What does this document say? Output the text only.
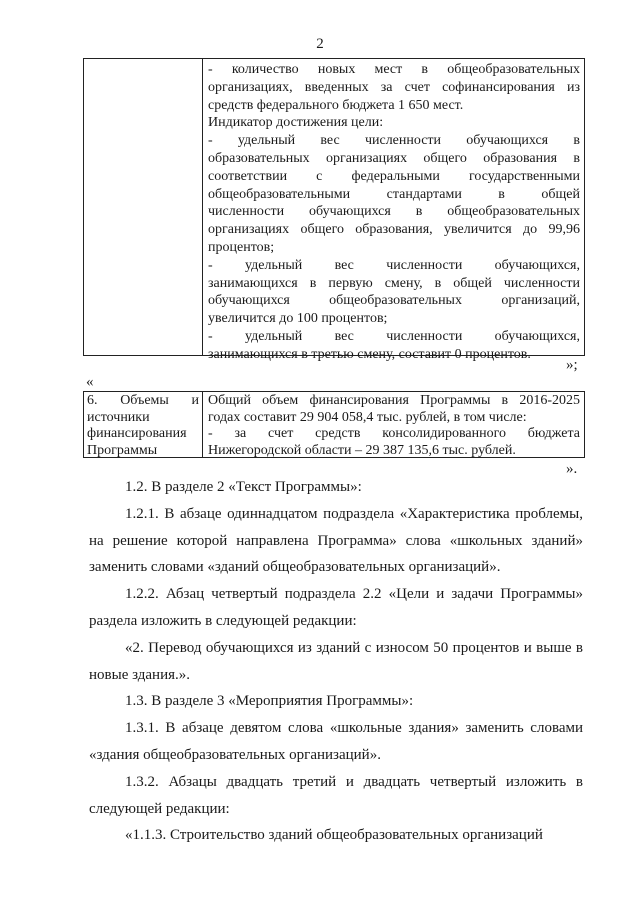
2
- количество новых мест в общеобразовательных
организациях, введенных за счет софинансирования из
средств федерального бюджета 1 650 мест.
Индикатор достижения цели:
- удельный вес численности обучающихся в
образовательных организациях общего образования в
соответствии с федеральными государственными
общеобразовательными стандартами в общей
численности обучающихся в общеобразовательных
организациях общего образования, увеличится до 99,96
процентов;
- удельный вес численности обучающихся,
занимающихся в первую смену, в общей численности
обучающихся общеобразовательных организаций,
увеличится до 100 процентов;
- удельный вес численности обучающихся,
занимающихся в третью смену, составит 0 процентов.
»;
«
6. Объемы и
источники
финансирования
Программы
Общий объем финансирования Программы в 2016-2025
годах составит 29 904 058,4 тыс. рублей, в том числе:
- за счет средств консолидированного бюджета
Нижегородской области – 29 387 135,6 тыс. рублей.
».

1.2. В разделе 2 «Текст Программы»:

1.2.1. В абзаце одиннадцатом подраздела «Характеристика проблемы, на решение которой направлена Программа» слова «школьных зданий» заменить словами «зданий общеобразовательных организаций».

1.2.2. Абзац четвертый подраздела 2.2 «Цели и задачи Программы» раздела изложить в следующей редакции:

«2. Перевод обучающихся из зданий с износом 50 процентов и выше в новые здания.».

1.3. В разделе 3 «Мероприятия Программы»:

1.3.1. В абзаце девятом слова «школьные здания» заменить словами «здания общеобразовательных организаций».

1.3.2. Абзацы двадцать третий и двадцать четвертый изложить в следующей редакции:

«1.1.3. Строительство зданий общеобразовательных организаций
